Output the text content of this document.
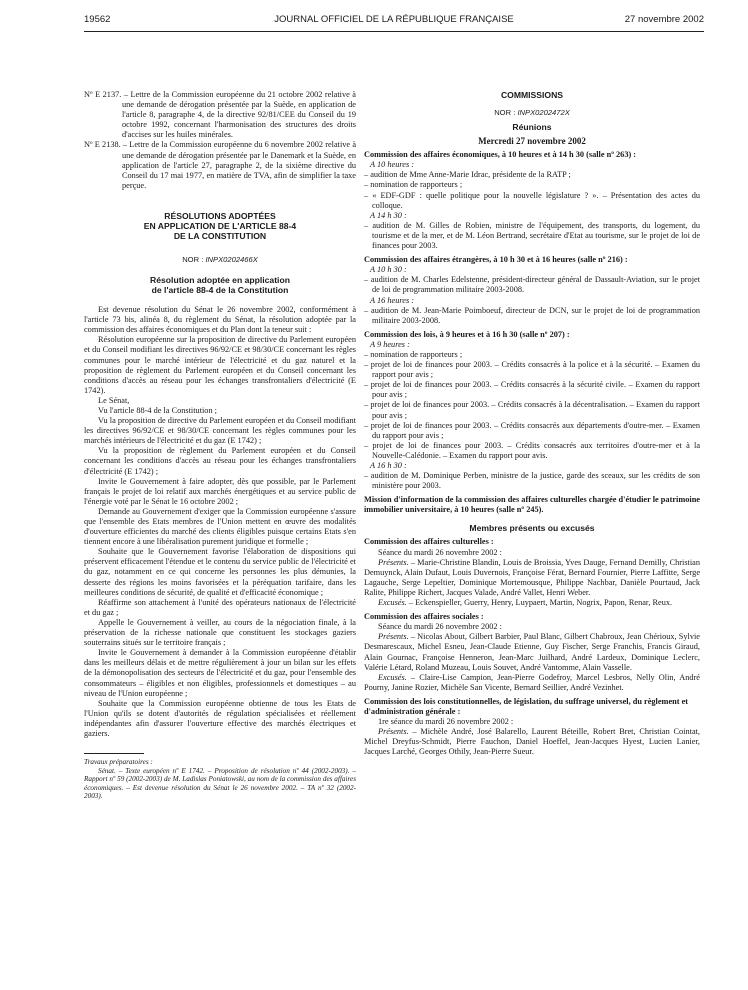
19562	JOURNAL OFFICIEL DE LA RÉPUBLIQUE FRANÇAISE	27 novembre 2002

Nº E 2137. – Lettre de la Commission européenne du 21 octobre 2002 relative à une demande de dérogation présentée par la Suède, en application de l'article 8, paragraphe 4, de la directive 92/81/CEE du Conseil du 19 octobre 1992, concernant l'harmonisation des structures des droits d'accises sur les huiles minérales.

Nº E 2138. – Lettre de la Commission européenne du 6 novembre 2002 relative à une demande de dérogation présentée par le Danemark et la Suède, en application de l'article 27, paragraphe 2, de la sixième directive du Conseil du 17 mai 1977, en matière de TVA, afin de simplifier la taxe perçue.

RÉSOLUTIONS ADOPTÉES

EN APPLICATION DE L'ARTICLE 88-4

DE LA CONSTITUTION

NOR : INPX0202466X

Résolution adoptée en application

de l'article 88-4 de la Constitution

Est devenue résolution du Sénat le 26 novembre 2002, conformément à l'article 73 bis, alinéa 8, du règlement du Sénat, la résolution adoptée par la commission des affaires économiques et du Plan dont la teneur suit :

Résolution européenne sur la proposition de directive du Parlement européen et du Conseil modifiant les directives 96/92/CE et 98/30/CE concernant les règles communes pour le marché intérieur de l'électricité et du gaz naturel et la proposition de règlement du Parlement européen et du Conseil concernant les conditions d'accès au réseau pour les échanges transfrontaliers d'électricité (E 1742).

Le Sénat,

Vu l'article 88-4 de la Constitution ;

Vu la proposition de directive du Parlement européen et du Conseil modifiant les directives 96/92/CE et 98/30/CE concernant les règles communes pour les marchés intérieurs de l'électricité et du gaz (E 1742) ;

Vu la proposition de règlement du Parlement européen et du Conseil concernant les conditions d'accès au réseau pour les échanges transfrontaliers d'électricité (E 1742) ;

Invite le Gouvernement à faire adopter, dès que possible, par le Parlement français le projet de loi relatif aux marchés énergétiques et au service public de l'énergie voté par le Sénat le 16 octobre 2002 ;

Demande au Gouvernement d'exiger que la Commission européenne s'assure que l'ensemble des Etats membres de l'Union mettent en œuvre des modalités d'ouverture efficientes du marché des clients éligibles puisque certains Etats s'en tiennent encore à une libéralisation purement juridique et formelle ;

Souhaite que le Gouvernement favorise l'élaboration de dispositions qui préservent efficacement l'étendue et le contenu du service public de l'électricité et du gaz, notamment en ce qui concerne les personnes les plus démunies, la desserte des régions les moins favorisées et la péréquation tarifaire, dans les meilleures conditions de sécurité, de qualité et d'efficacité économique ;

Réaffirme son attachement à l'unité des opérateurs nationaux de l'électricité et du gaz ;

Appelle le Gouvernement à veiller, au cours de la négociation finale, à la préservation de la richesse nationale que constituent les stockages gaziers souterrains situés sur le territoire français ;

Invite le Gouvernement à demander à la Commission européenne d'établir dans les meilleurs délais et de mettre régulièrement à jour un bilan sur les effets de la démonopolisation des secteurs de l'électricité et du gaz, pour l'ensemble des consommateurs – éligibles et non éligibles, professionnels et domestiques – au niveau de l'Union européenne ;

Souhaite que la Commission européenne obtienne de tous les Etats de l'Union qu'ils se dotent d'autorités de régulation spécialisées et réellement indépendantes afin d'assurer l'ouverture effective des marchés électriques et gaziers.

Travaux préparatoires :

Sénat. – Texte européen nº E 1742. – Proposition de résolution nº 44 (2002-2003). – Rapport nº 59 (2002-2003) de M. Ladislas Poniatowski, au nom de la commission des affaires économiques. – Est devenue résolution du Sénat le 26 novembre 2002. – TA nº 32 (2002-2003).

COMMISSIONS

NOR : INPX0202472X

Réunions

Mercredi 27 novembre 2002

Commission des affaires économiques, à 10 heures et à 14 h 30 (salle nº 263) :

A 10 heures :

– audition de Mme Anne-Marie Idrac, présidente de la RATP ;

– nomination de rapporteurs ;

– « EDF-GDF : quelle politique pour la nouvelle législature ? ». – Présentation des actes du colloque.

A 14 h 30 :

– audition de M. Gilles de Robien, ministre de l'équipement, des transports, du logement, du tourisme et de la mer, et de M. Léon Bertrand, secrétaire d'Etat au tourisme, sur le projet de loi de finances pour 2003.

Commission des affaires étrangères, à 10 h 30 et à 16 heures (salle nº 216) :

A 10 h 30 :

– audition de M. Charles Edelstenne, président-directeur général de Dassault-Aviation, sur le projet de loi de programmation militaire 2003-2008.

A 16 heures :

– audition de M. Jean-Marie Poimboeuf, directeur de DCN, sur le projet de loi de programmation militaire 2003-2008.

Commission des lois, à 9 heures et à 16 h 30 (salle nº 207) :

A 9 heures :

– nomination de rapporteurs ;

– projet de loi de finances pour 2003. – Crédits consacrés à la police et à la sécurité. – Examen du rapport pour avis ;

– projet de loi de finances pour 2003. – Crédits consacrés à la sécurité civile. – Examen du rapport pour avis ;

– projet de loi de finances pour 2003. – Crédits consacrés à la décentralisation. – Examen du rapport pour avis ;

– projet de loi de finances pour 2003. – Crédits consacrés aux départements d'outre-mer. – Examen du rapport pour avis ;

– projet de loi de finances pour 2003. – Crédits consacrés aux territoires d'outre-mer et à la Nouvelle-Calédonie. – Examen du rapport pour avis.

A 16 h 30 :

– audition de M. Dominique Perben, ministre de la justice, garde des sceaux, sur les crédits de son ministère pour 2003.

Mission d'information de la commission des affaires culturelles chargée d'étudier le patrimoine immobilier universitaire, à 10 heures (salle nº 245).

Membres présents ou excusés

Commission des affaires culturelles :

Séance du mardi 26 novembre 2002 :

Présents. – Marie-Christine Blandin, Louis de Broissia, Yves Dauge, Fernand Demilly, Christian Demuynck, Alain Dufaut, Louis Duvernois, Françoise Férat, Bernard Fournier, Pierre Laffitte, Serge Lagauche, Serge Lepeltier, Dominique Mortemousque, Philippe Nachbar, Danièle Pourtaud, Jack Ralite, Philippe Richert, Jacques Valade, André Vallet, Henri Weber.

Excusés. – Eckenspieller, Guerry, Henry, Luypaert, Martin, Nogrix, Papon, Renar, Reux.

Commission des affaires sociales :

Séance du mardi 26 novembre 2002 :

Présents. – Nicolas About, Gilbert Barbier, Paul Blanc, Gilbert Chabroux, Jean Chérioux, Sylvie Desmarescaux, Michel Esneu, Jean-Claude Etienne, Guy Fischer, Serge Franchis, Francis Giraud, Alain Gournac, Françoise Henneron, Jean-Marc Juilhard, André Lardeux, Dominique Leclerc, Valérie Létard, Roland Muzeau, Louis Souvet, André Vantomme, Alain Vasselle.

Excusés. – Claire-Lise Campion, Jean-Pierre Godefroy, Marcel Lesbros, Nelly Olin, André Pourny, Janine Rozier, Michèle San Vicente, Bernard Seillier, André Vezinhet.

Commission des lois constitutionnelles, de législation, du suffrage universel, du règlement et d'administration générale :

1re séance du mardi 26 novembre 2002 :

Présents. – Michèle André, José Balarello, Laurent Béteille, Robert Bret, Christian Cointat, Michel Dreyfus-Schmidt, Pierre Fauchon, Daniel Hoeffel, Jean-Jacques Hyest, Lucien Lanier, Jacques Larché, Georges Othily, Jean-Pierre Sueur.
